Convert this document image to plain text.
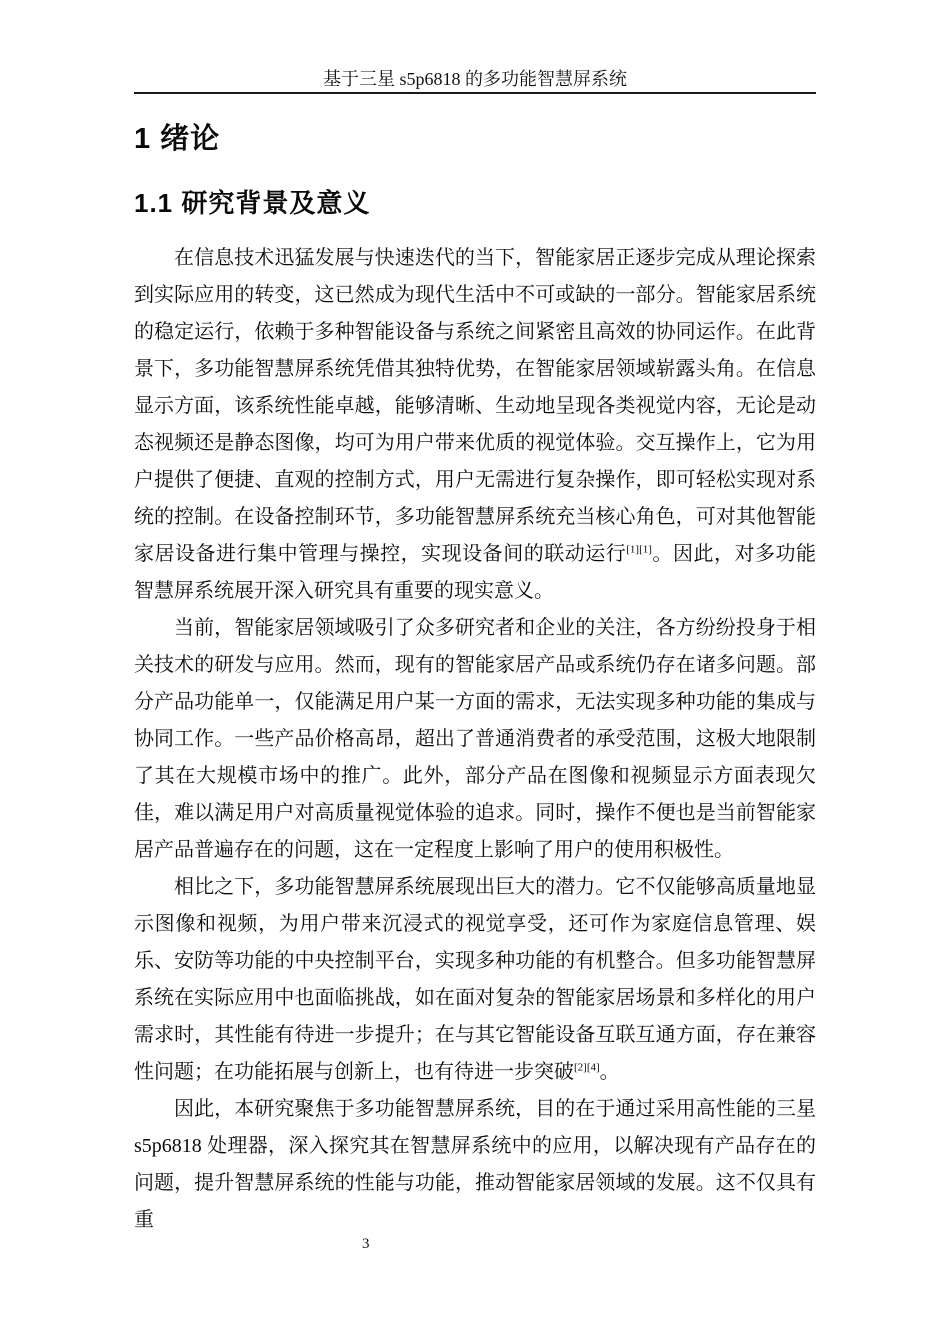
基于三星 s5p6818 的多功能智慧屏系统
1 绪论
1.1 研究背景及意义

在信息技术迅猛发展与快速迭代的当下，智能家居正逐步完成从理论探索到实际应用的转变，这已然成为现代生活中不可或缺的一部分。智能家居系统的稳定运行，依赖于多种智能设备与系统之间紧密且高效的协同运作。在此背景下，多功能智慧屏系统凭借其独特优势，在智能家居领域崭露头角。在信息显示方面，该系统性能卓越，能够清晰、生动地呈现各类视觉内容，无论是动态视频还是静态图像，均可为用户带来优质的视觉体验。交互操作上，它为用户提供了便捷、直观的控制方式，用户无需进行复杂操作，即可轻松实现对系统的控制。在设备控制环节，多功能智慧屏系统充当核心角色，可对其他智能家居设备进行集中管理与操控，实现设备间的联动运行[1][1]。因此，对多功能智慧屏系统展开深入研究具有重要的现实意义。

当前，智能家居领域吸引了众多研究者和企业的关注，各方纷纷投身于相关技术的研发与应用。然而，现有的智能家居产品或系统仍存在诸多问题。部分产品功能单一，仅能满足用户某一方面的需求，无法实现多种功能的集成与协同工作。一些产品价格高昂，超出了普通消费者的承受范围，这极大地限制了其在大规模市场中的推广。此外，部分产品在图像和视频显示方面表现欠佳，难以满足用户对高质量视觉体验的追求。同时，操作不便也是当前智能家居产品普遍存在的问题，这在一定程度上影响了用户的使用积极性。

相比之下，多功能智慧屏系统展现出巨大的潜力。它不仅能够高质量地显示图像和视频，为用户带来沉浸式的视觉享受，还可作为家庭信息管理、娱乐、安防等功能的中央控制平台，实现多种功能的有机整合。但多功能智慧屏系统在实际应用中也面临挑战，如在面对复杂的智能家居场景和多样化的用户需求时，其性能有待进一步提升；在与其它智能设备互联互通方面，存在兼容性问题；在功能拓展与创新上，也有待进一步突破[2][4]。

因此，本研究聚焦于多功能智慧屏系统，目的在于通过采用高性能的三星 s5p6818 处理器，深入探究其在智慧屏系统中的应用，以解决现有产品存在的问题，提升智慧屏系统的性能与功能，推动智能家居领域的发展。这不仅具有重

3
